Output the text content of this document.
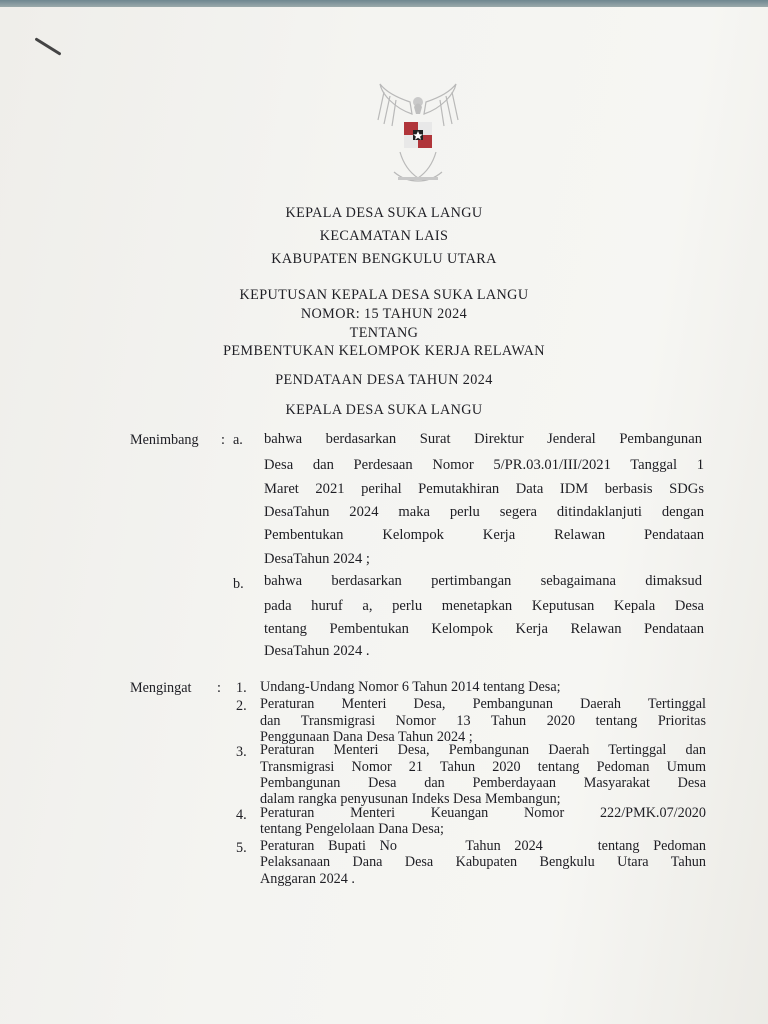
KEPALA DESA SUKA LANGU
KECAMATAN LAIS
KABUPATEN BENGKULU UTARA
KEPUTUSAN KEPALA DESA SUKA LANGU
NOMOR: 15 TAHUN 2024
TENTANG
PEMBENTUKAN KELOMPOK KERJA RELAWAN
PENDATAAN DESA TAHUN 2024
KEPALA DESA SUKA LANGU
Menimbang : a. bahwa berdasarkan Surat Direktur Jenderal Pembangunan
Desa dan Perdesaan Nomor 5/PR.03.01/III/2021 Tanggal 1
Maret 2021 perihal Pemutakhiran Data IDM berbasis SDGs
DesaTahun 2024 maka perlu segera ditindaklanjuti dengan
Pembentukan Kelompok Kerja Relawan Pendataan
DesaTahun 2024 ;
b. bahwa berdasarkan pertimbangan sebagaimana dimaksud
pada huruf a, perlu menetapkan Keputusan Kepala Desa
tentang Pembentukan Kelompok Kerja Relawan Pendataan
DesaTahun 2024 .
Mengingat : 1. Undang-Undang Nomor 6 Tahun 2014 tentang Desa;
2. Peraturan Menteri Desa, Pembangunan Daerah Tertinggal
dan Transmigrasi Nomor 13 Tahun 2020 tentang Prioritas
Penggunaan Dana Desa Tahun 2024 ;
3. Peraturan Menteri Desa, Pembangunan Daerah Tertinggal dan
Transmigrasi Nomor 21 Tahun 2020 tentang Pedoman Umum
Pembangunan Desa dan Pemberdayaan Masyarakat Desa
dalam rangka penyusunan Indeks Desa Membangun;
4. Peraturan Menteri Keuangan Nomor 222/PMK.07/2020
tentang Pengelolaan Dana Desa;
5. Peraturan Bupati No     Tahun 2024    tentang Pedoman
Pelaksanaan Dana Desa Kabupaten Bengkulu Utara Tahun
Anggaran 2024 .
